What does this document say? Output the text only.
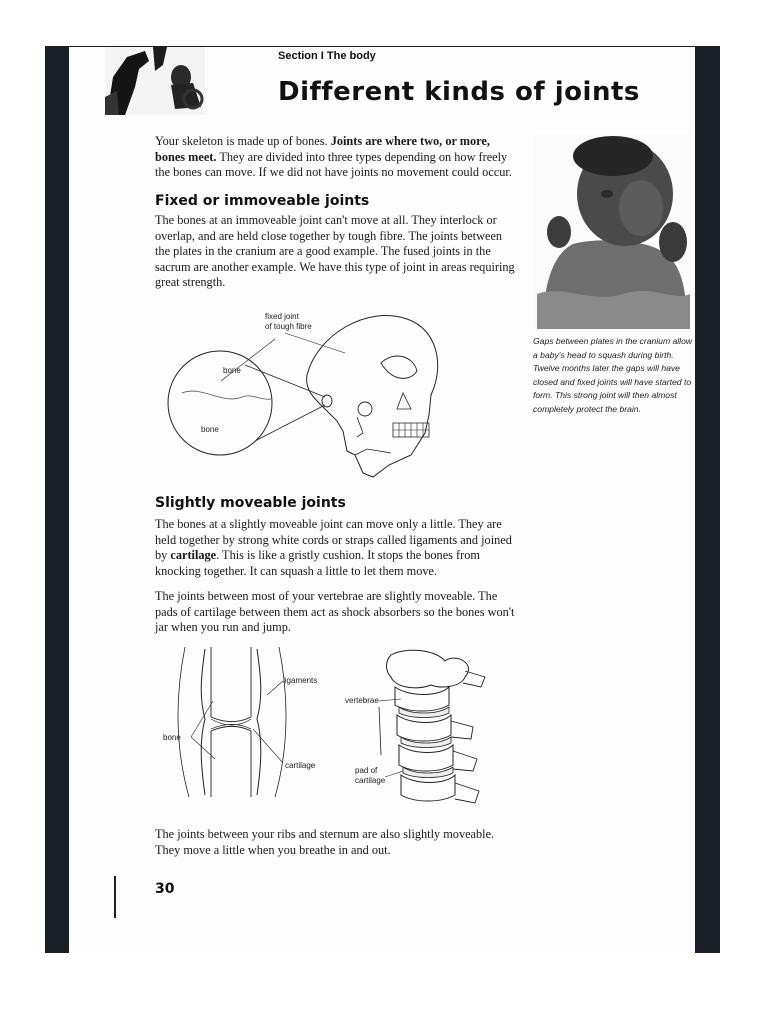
Section I The body
Different kinds of joints

Your skeleton is made up of bones. Joints are where two, or more, bones meet. They are divided into three types depending on how freely the bones can move. If we did not have joints no movement could occur.

Fixed or immoveable joints

The bones at an immoveable joint can't move at all. They interlock or overlap, and are held close together by tough fibre. The joints between the plates in the cranium are a good example. The fused joints in the sacrum are another example. We have this type of joint in areas requiring great strength.

fixed joint
of tough fibre
bone
bone

Gaps between plates in the cranium allow a baby's head to squash during birth. Twelve months later the gaps will have closed and fixed joints will have started to form. This strong joint will then almost completely protect the brain.

Slightly moveable joints

The bones at a slightly moveable joint can move only a little. They are held together by strong white cords or straps called ligaments and joined by cartilage. This is like a gristly cushion. It stops the bones from knocking together. It can squash a little to let them move.

The joints between most of your vertebrae are slightly moveable. The pads of cartilage between them act as shock absorbers so the bones won't jar when you run and jump.

ligaments
bone
cartilage
vertebrae
pad of
cartilage

The joints between your ribs and sternum are also slightly moveable. They move a little when you breathe in and out.

30
